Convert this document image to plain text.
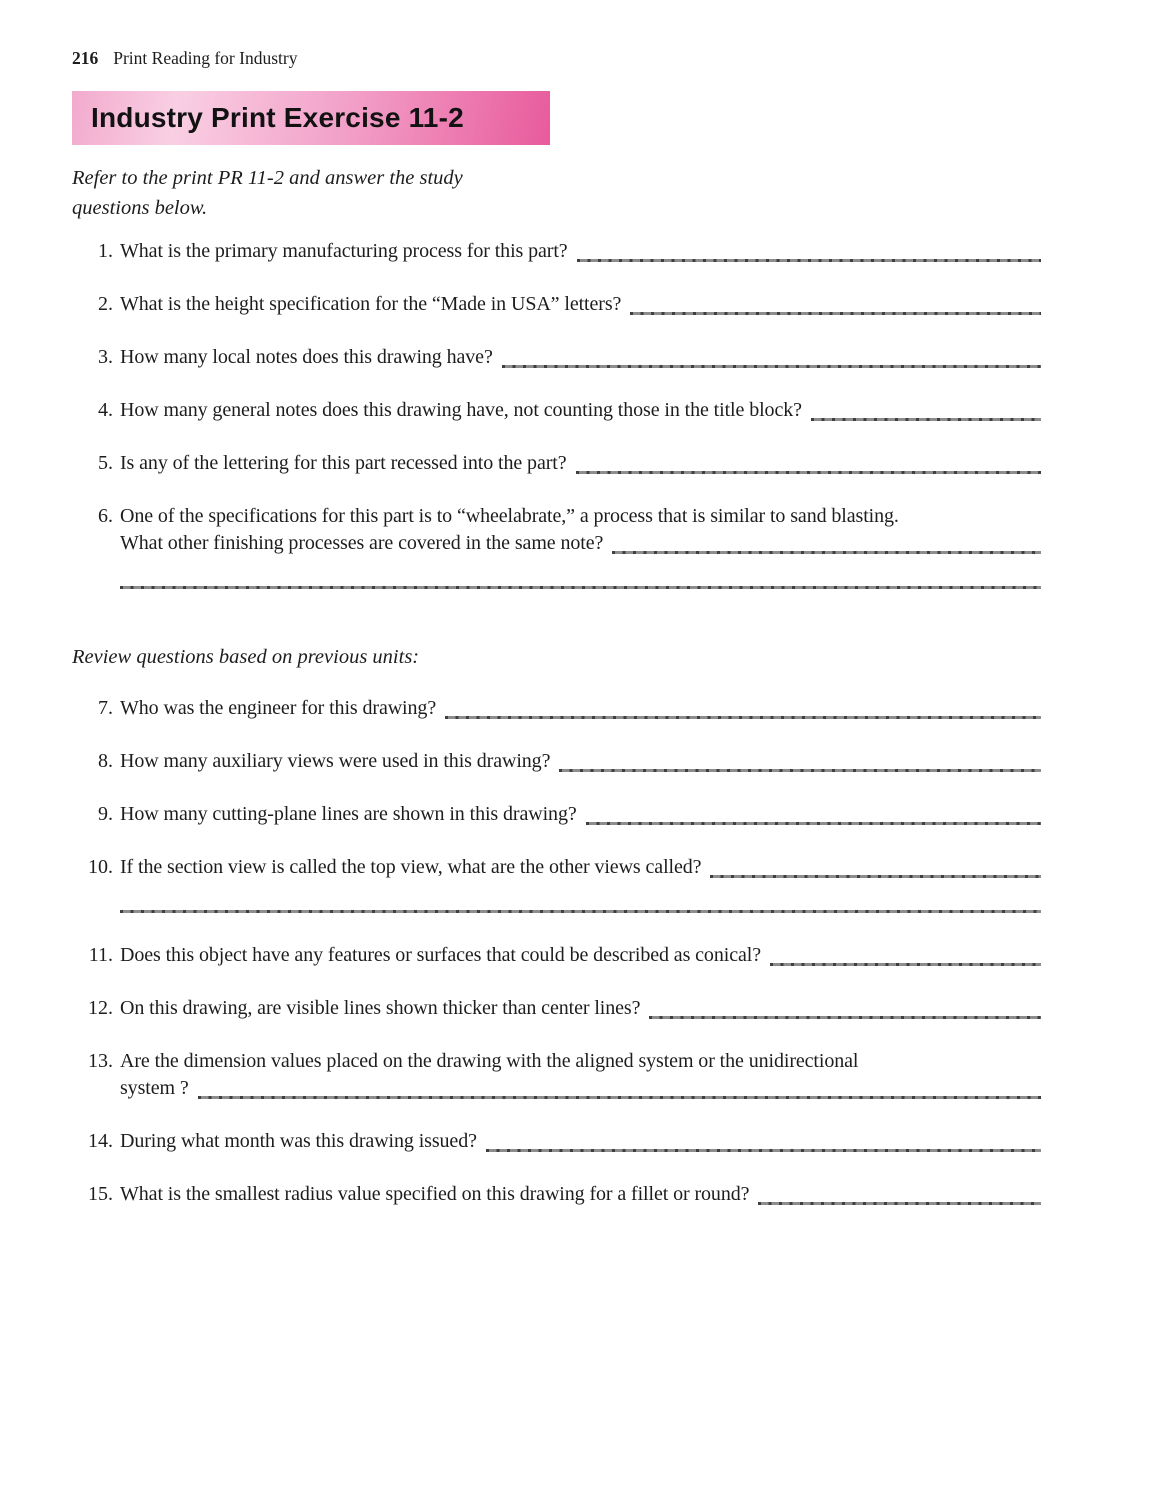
216 Print Reading for Industry
Industry Print Exercise 11-2
Refer to the print PR 11-2 and answer the study questions below.
1. What is the primary manufacturing process for this part?
2. What is the height specification for the “Made in USA” letters?
3. How many local notes does this drawing have?
4. How many general notes does this drawing have, not counting those in the title block?
5. Is any of the lettering for this part recessed into the part?
6. One of the specifications for this part is to “wheelabrate,” a process that is similar to sand blasting.
What other finishing processes are covered in the same note?
Review questions based on previous units:
7. Who was the engineer for this drawing?
8. How many auxiliary views were used in this drawing?
9. How many cutting-plane lines are shown in this drawing?
10. If the section view is called the top view, what are the other views called?
11. Does this object have any features or surfaces that could be described as conical?
12. On this drawing, are visible lines shown thicker than center lines?
13. Are the dimension values placed on the drawing with the aligned system or the unidirectional
system ?
14. During what month was this drawing issued?
15. What is the smallest radius value specified on this drawing for a fillet or round?
